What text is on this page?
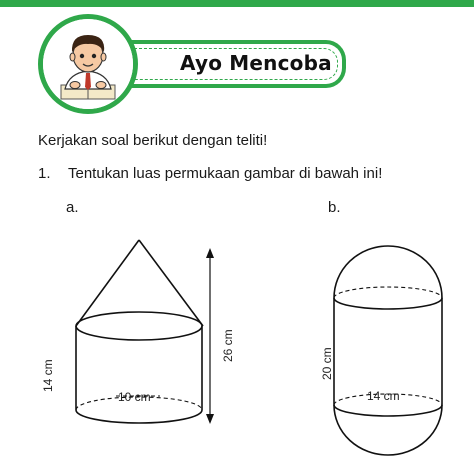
Ayo Mencoba
Kerjakan soal berikut dengan teliti!
1. Tentukan luas permukaan gambar di bawah ini!
a.	b.
10 cm
26 cm
14 cm
14 cm
20 cm
